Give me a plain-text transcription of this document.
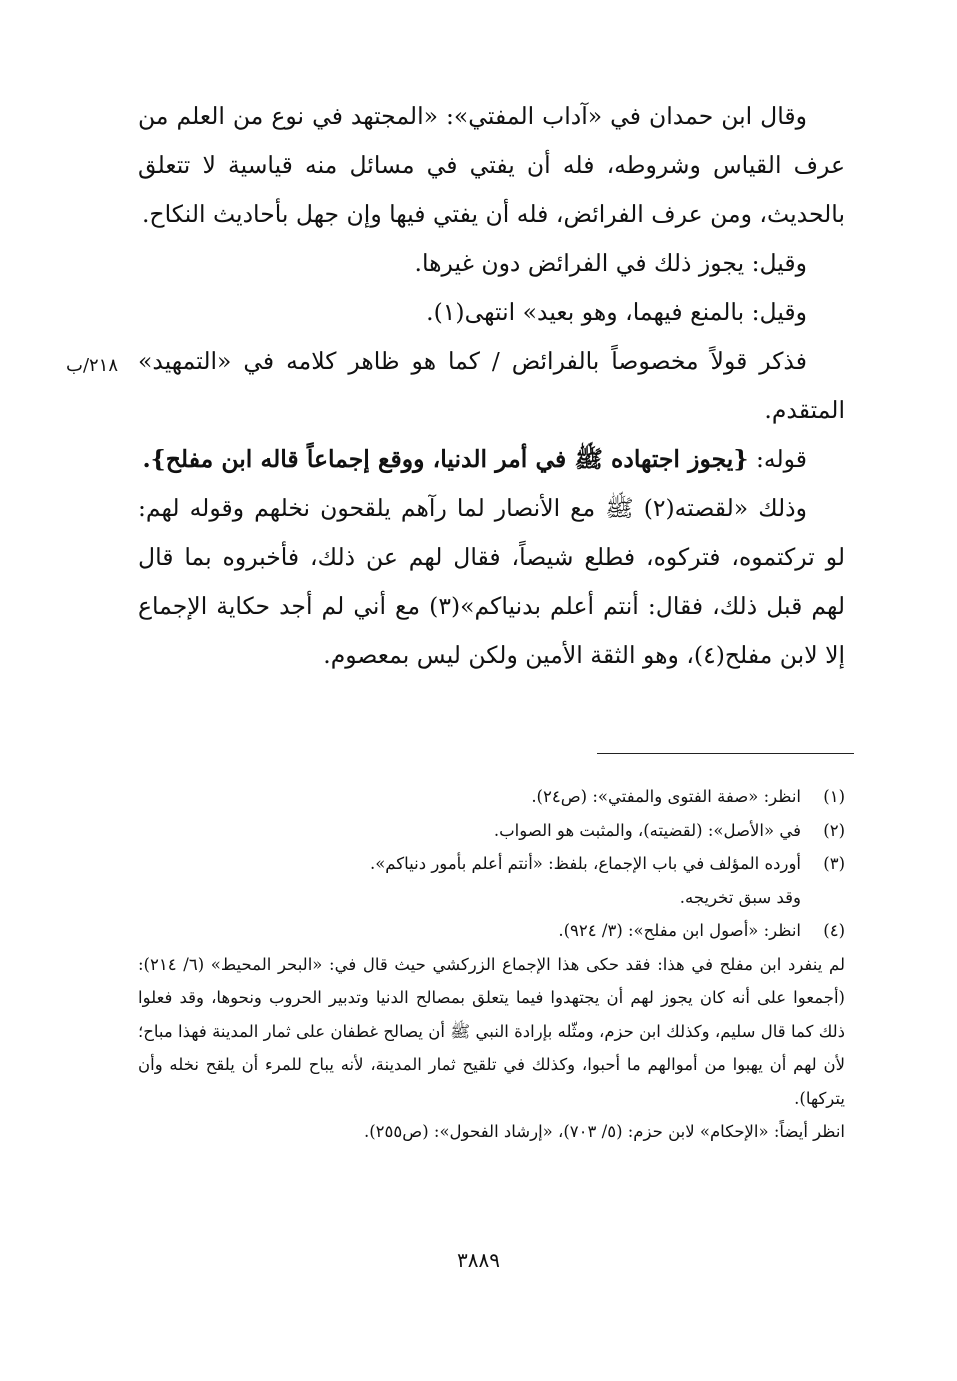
وقال ابن حمدان في «آداب المفتي»: «المجتهد في نوع من العلم من عرف القياس وشروطه، فله أن يفتي في مسائل منه قياسية لا تتعلق بالحديث، ومن عرف الفرائض، فله أن يفتي فيها وإن جهل بأحاديث النكاح.

وقيل: يجوز ذلك في الفرائض دون غيرها.

وقيل: بالمنع فيهما، وهو بعيد» انتهى(١).

فذكر قولاً مخصوصاً بالفرائض / كما هو ظاهر كلامه في «التمهيد» المتقدم.

قوله: {يجوز اجتهاده ﷺ في أمر الدنيا، ووقع إجماعاً قاله ابن مفلح}.

وذلك «لقصته(٢) ﷺ مع الأنصار لما رآهم يلقحون نخلهم وقوله لهم: لو تركتموه، فتركوه، فطلع شيصاً، فقال لهم عن ذلك، فأخبروه بما قال لهم قبل ذلك، فقال: أنتم أعلم بدنياكم»(٣) مع أني لم أجد حكاية الإجماع إلا لابن مفلح(٤)، وهو الثقة الأمين ولكن ليس بمعصوم.

٢١٨/ب
(١)
انظر: «صفة الفتوى والمفتي»: (ص٢٤).
(٢)
في «الأصل»: (لقضيته)، والمثبت هو الصواب.
(٣)
أورده المؤلف في باب الإجماع، بلفظ: «أنتم أعلم بأمور دنياكم».
وقد سبق تخريجه.
(٤)
انظر: «أصول ابن مفلح»: (٣/ ٩٢٤).
لم ينفرد ابن مفلح في هذا: فقد حكى هذا الإجماع الزركشي حيث قال في: «البحر المحيط» (٦/ ٢١٤): (أجمعوا على أنه كان يجوز لهم أن يجتهدوا فيما يتعلق بمصالح الدنيا وتدبير الحروب ونحوها، وقد فعلوا ذلك كما قال سليم، وكذلك ابن حزم، ومثّله بإرادة النبي ﷺ أن يصالح غطفان على ثمار المدينة فهذا مباح؛ لأن لهم أن يهبوا من أموالهم ما أحبوا، وكذلك في تلقيح ثمار المدينة، لأنه يباح للمرء أن يلقح نخله وأن يتركها).
انظر أيضاً: «الإحكام» لابن حزم: (٥/ ٧٠٣)، «إرشاد الفحول»: (ص٢٥٥).
٣٨٨٩
